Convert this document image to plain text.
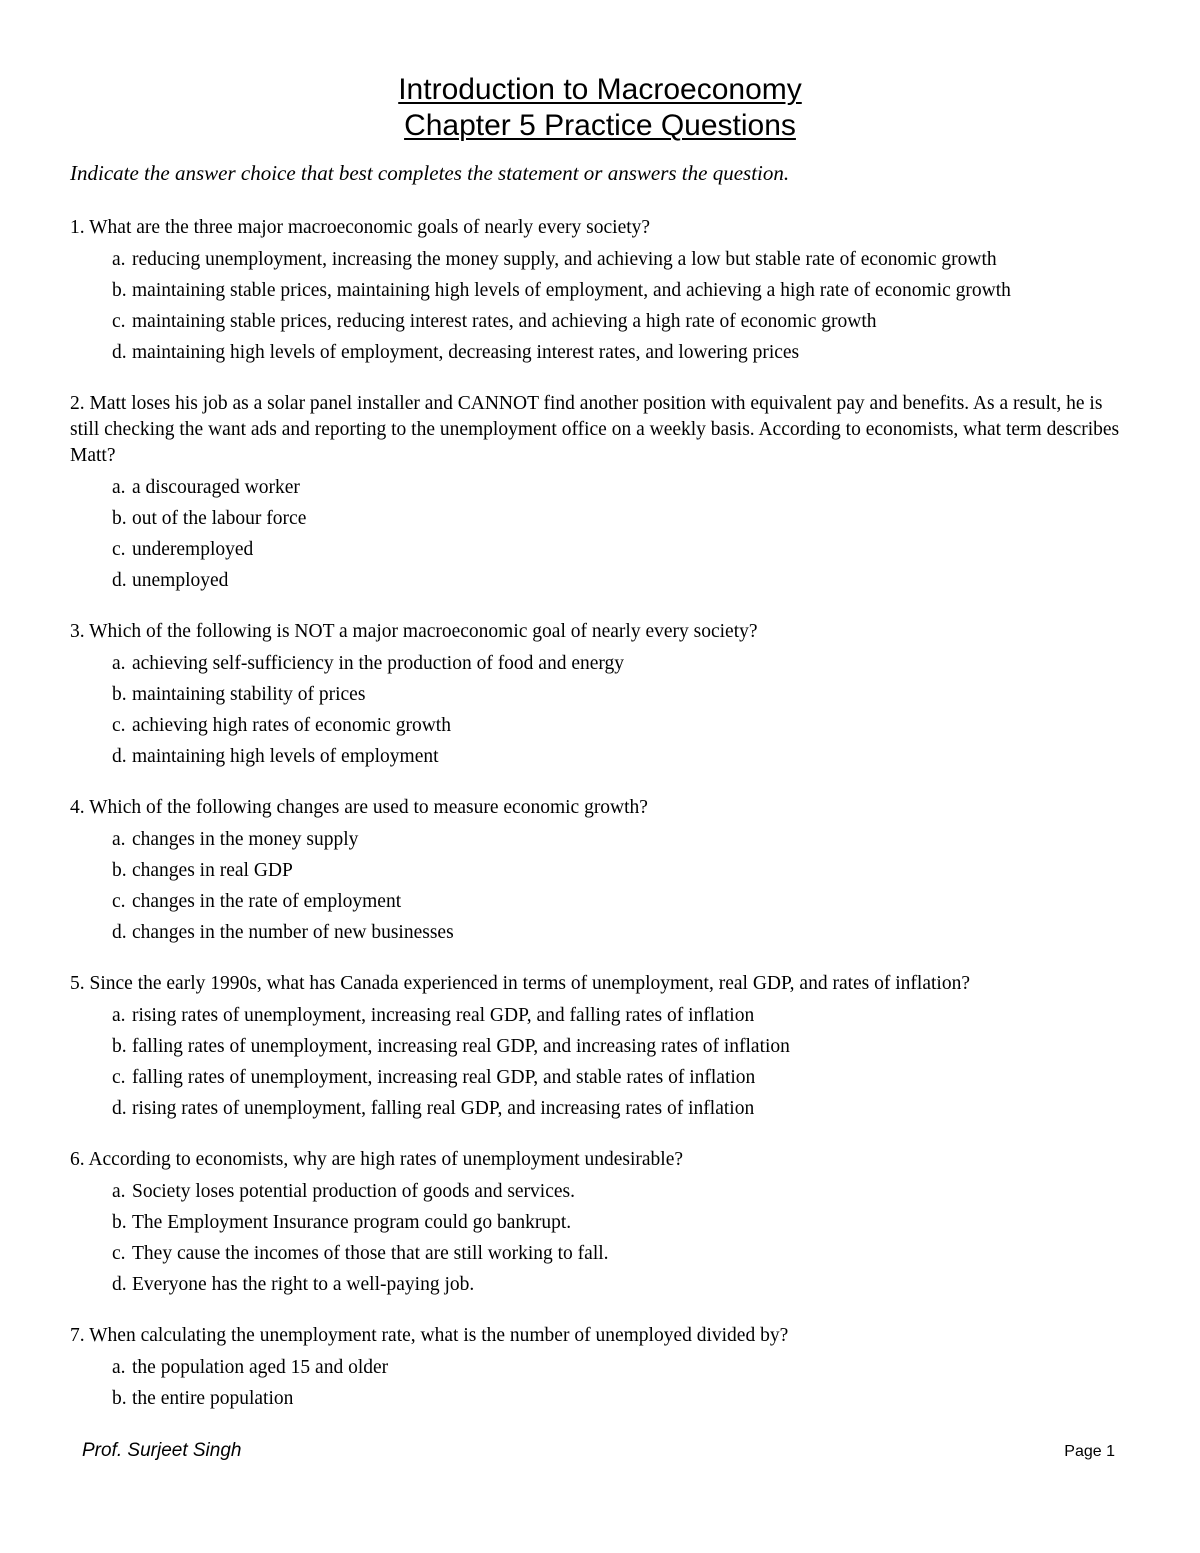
Introduction to Macroeconomy
Chapter 5 Practice Questions
Indicate the answer choice that best completes the statement or answers the question.
1. What are the three major macroeconomic goals of nearly every society?
a. reducing unemployment, increasing the money supply, and achieving a low but stable rate of economic growth
b. maintaining stable prices, maintaining high levels of employment, and achieving a high rate of economic growth
c. maintaining stable prices, reducing interest rates, and achieving a high rate of economic growth
d. maintaining high levels of employment, decreasing interest rates, and lowering prices
2. Matt loses his job as a solar panel installer and CANNOT find another position with equivalent pay and benefits. As a result, he is still checking the want ads and reporting to the unemployment office on a weekly basis. According to economists, what term describes Matt?
a. a discouraged worker
b. out of the labour force
c. underemployed
d. unemployed
3. Which of the following is NOT a major macroeconomic goal of nearly every society?
a. achieving self-sufficiency in the production of food and energy
b. maintaining stability of prices
c. achieving high rates of economic growth
d. maintaining high levels of employment
4. Which of the following changes are used to measure economic growth?
a. changes in the money supply
b. changes in real GDP
c. changes in the rate of employment
d. changes in the number of new businesses
5. Since the early 1990s, what has Canada experienced in terms of unemployment, real GDP, and rates of inflation?
a. rising rates of unemployment, increasing real GDP, and falling rates of inflation
b. falling rates of unemployment, increasing real GDP, and increasing rates of inflation
c. falling rates of unemployment, increasing real GDP, and stable rates of inflation
d. rising rates of unemployment, falling real GDP, and increasing rates of inflation
6. According to economists, why are high rates of unemployment undesirable?
a. Society loses potential production of goods and services.
b. The Employment Insurance program could go bankrupt.
c. They cause the incomes of those that are still working to fall.
d. Everyone has the right to a well-paying job.
7. When calculating the unemployment rate, what is the number of unemployed divided by?
a. the population aged 15 and older
b. the entire population
Prof. Surjeet Singh	Page 1
